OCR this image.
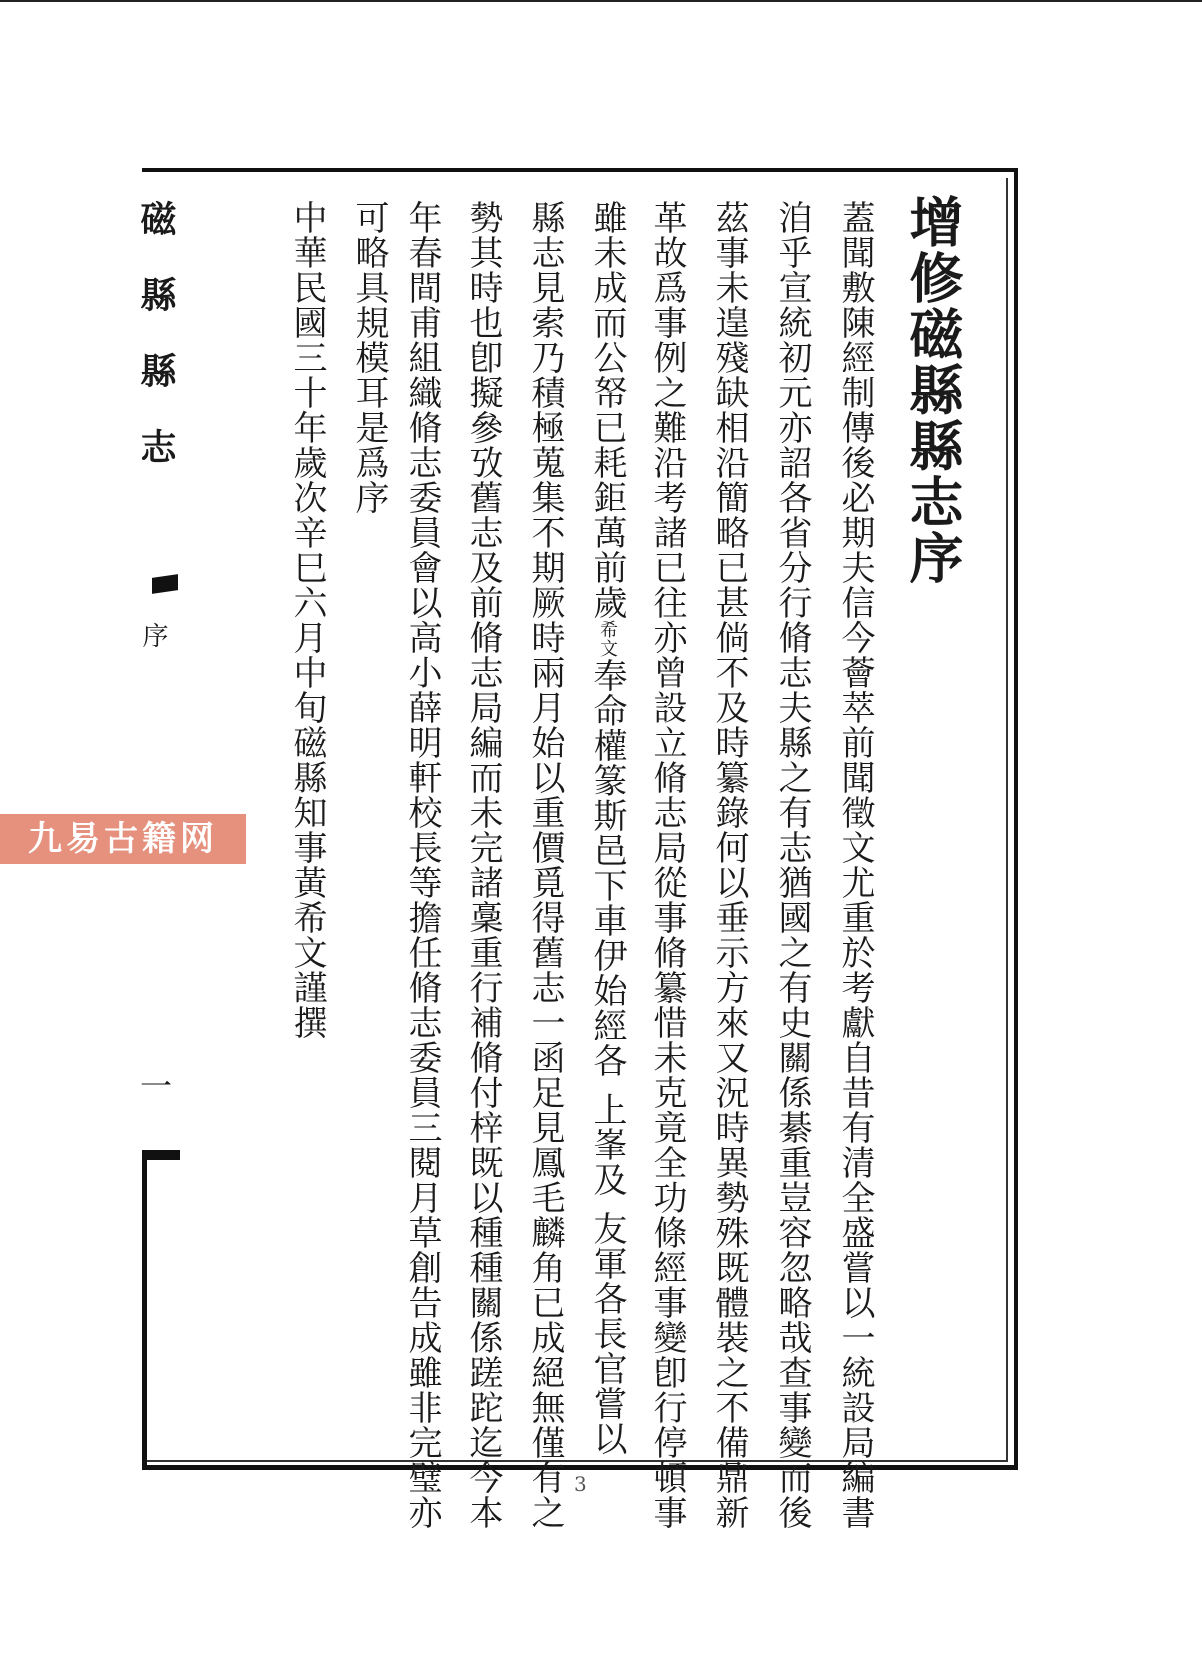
增修磁縣縣志序
蓋聞敷陳經制傳後必期夫信今薈萃前聞徵文尤重於考獻自昔有清全盛嘗以一統設局編書
洎乎宣統初元亦詔各省分行脩志夫縣之有志猶國之有史關係綦重豈容忽略哉查事變而後
茲事未遑殘缺相沿簡略已甚倘不及時纂錄何以垂示方來又況時異勢殊既體裝之不備鼎新
革故爲事例之難沿考諸已往亦曾設立脩志局從事脩纂惜未克竟全功條經事變卽行停頓事
雖未成而公帑已耗鉅萬前歲希文奉命權篆斯邑下車伊始經各上峯及友軍各長官嘗以
縣志見索乃積極蒐集不期厥時兩月始以重價覓得舊志一函足見鳳毛麟角已成絕無僅有之
勢其時也卽擬參攷舊志及前脩志局編而未完諸稾重行補脩付梓既以種種關係蹉跎迄今本
年春間甫組織脩志委員會以高小薛明軒校長等擔任脩志委員三閱月草創告成雖非完璧亦
可略具規模耳是爲序
中華民國三十年歲次辛巳六月中旬磁縣知事黃希文謹撰
磁縣縣志
序
一
3
九易古籍网
